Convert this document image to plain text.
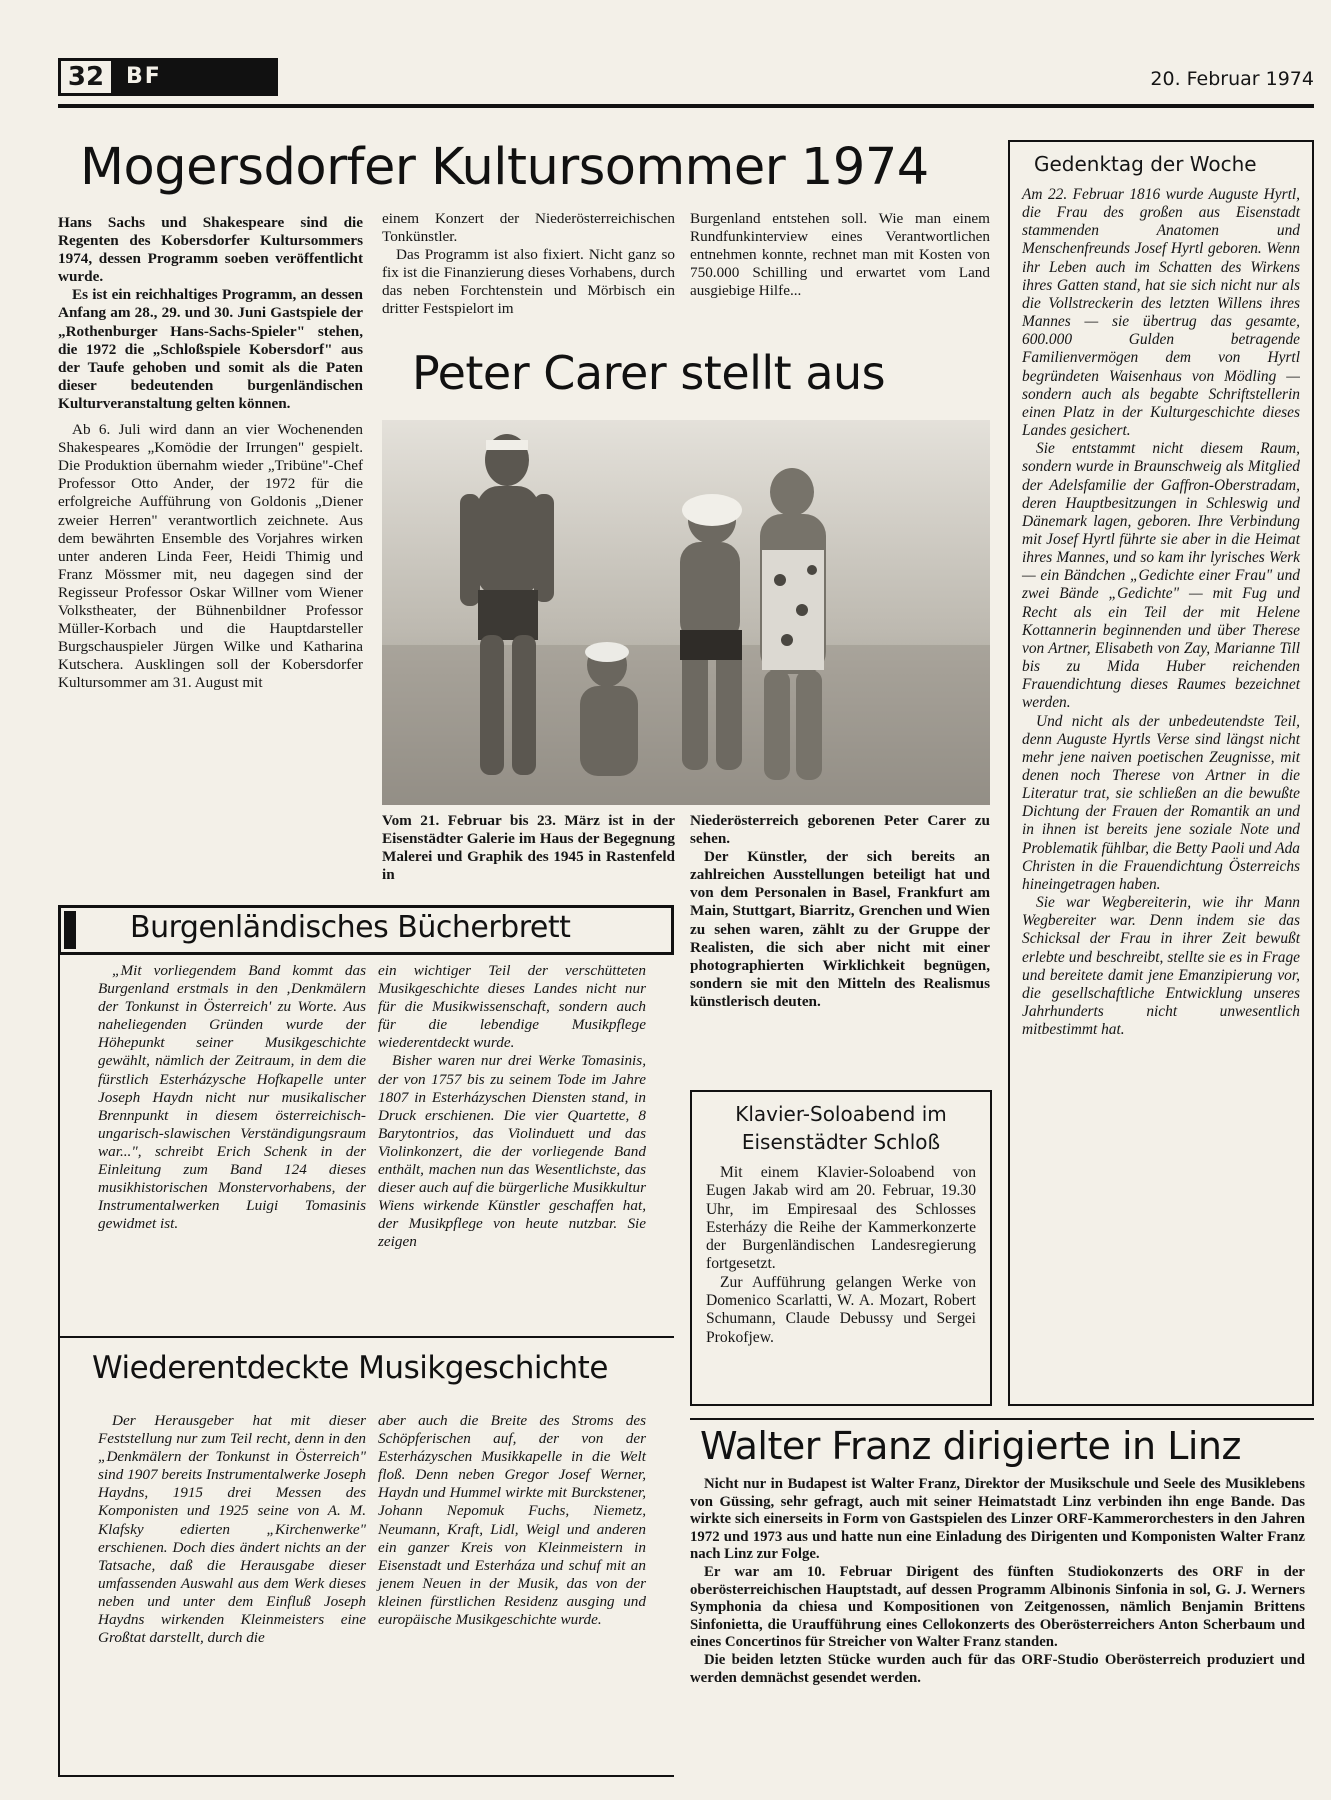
32 BF	20. Februar 1974
Mogersdorfer Kultursommer 1974

Hans Sachs und Shakespeare sind die Regenten des Kobersdorfer Kultursommers 1974, dessen Programm soeben veröffentlicht wurde.

Es ist ein reichhaltiges Programm, an dessen Anfang am 28., 29. und 30. Juni Gastspiele der „Rothenburger Hans-Sachs-Spieler" stehen, die 1972 die „Schloßspiele Kobersdorf" aus der Taufe gehoben und somit als die Paten dieser bedeutenden burgenländischen Kulturveranstaltung gelten können.

Ab 6. Juli wird dann an vier Wochenenden Shakespeares „Komödie der Irrungen" gespielt. Die Produktion übernahm wieder „Tribüne"-Chef Professor Otto Ander, der 1972 für die erfolgreiche Aufführung von Goldonis „Diener zweier Herren" verantwortlich zeichnete. Aus dem bewährten Ensemble des Vorjahres wirken unter anderen Linda Feer, Heidi Thimig und Franz Mössmer mit, neu dagegen sind der Regisseur Professor Oskar Willner vom Wiener Volkstheater, der Bühnenbildner Professor Müller-Korbach und die Hauptdarsteller Burgschauspieler Jürgen Wilke und Katharina Kutschera. Ausklingen soll der Kobersdorfer Kultursommer am 31. August mit

einem Konzert der Niederösterreichischen Tonkünstler.

Das Programm ist also fixiert. Nicht ganz so fix ist die Finanzierung dieses Vorhabens, durch das neben Forchtenstein und Mörbisch ein dritter Festspielort im

Burgenland entstehen soll. Wie man einem Rundfunkinterview eines Verantwortlichen entnehmen konnte, rechnet man mit Kosten von 750.000 Schilling und erwartet vom Land ausgiebige Hilfe...

Peter Carer stellt aus

Vom 21. Februar bis 23. März ist in der Eisenstädter Galerie im Haus der Begegnung Malerei und Graphik des 1945 in Rastenfeld in

Niederösterreich geborenen Peter Carer zu sehen.

Der Künstler, der sich bereits an zahlreichen Ausstellungen beteiligt hat und von dem Personalen in Basel, Frankfurt am Main, Stuttgart, Biarritz, Grenchen und Wien zu sehen waren, zählt zu der Gruppe der Realisten, die sich aber nicht mit einer photographierten Wirklichkeit begnügen, sondern sie mit den Mitteln des Realismus künstlerisch deuten.

Gedenktag der Woche

Am 22. Februar 1816 wurde Auguste Hyrtl, die Frau des großen aus Eisenstadt stammenden Anatomen und Menschenfreunds Josef Hyrtl geboren. Wenn ihr Leben auch im Schatten des Wirkens ihres Gatten stand, hat sie sich nicht nur als die Vollstreckerin des letzten Willens ihres Mannes — sie übertrug das gesamte, 600.000 Gulden betragende Familienvermögen dem von Hyrtl begründeten Waisenhaus von Mödling — sondern auch als begabte Schriftstellerin einen Platz in der Kulturgeschichte dieses Landes gesichert.

Sie entstammt nicht diesem Raum, sondern wurde in Braunschweig als Mitglied der Adelsfamilie der Gaffron-Oberstradam, deren Hauptbesitzungen in Schleswig und Dänemark lagen, geboren. Ihre Verbindung mit Josef Hyrtl führte sie aber in die Heimat ihres Mannes, und so kam ihr lyrisches Werk — ein Bändchen „Gedichte einer Frau" und zwei Bände „Gedichte" — mit Fug und Recht als ein Teil der mit Helene Kottannerin beginnenden und über Therese von Artner, Elisabeth von Zay, Marianne Till bis zu Mida Huber reichenden Frauendichtung dieses Raumes bezeichnet werden.

Und nicht als der unbedeutendste Teil, denn Auguste Hyrtls Verse sind längst nicht mehr jene naiven poetischen Zeugnisse, mit denen noch Therese von Artner in die Literatur trat, sie schließen an die bewußte Dichtung der Frauen der Romantik an und in ihnen ist bereits jene soziale Note und Problematik fühlbar, die Betty Paoli und Ada Christen in die Frauendichtung Österreichs hineingetragen haben.

Sie war Wegbereiterin, wie ihr Mann Wegbereiter war. Denn indem sie das Schicksal der Frau in ihrer Zeit bewußt erlebte und beschreibt, stellte sie es in Frage und bereitete damit jene Emanzipierung vor, die gesellschaftliche Entwicklung unseres Jahrhunderts nicht unwesentlich mitbestimmt hat.

Burgenländisches Bücherbrett

„Mit vorliegendem Band kommt das Burgenland erstmals in den ‚Denkmälern der Tonkunst in Österreich' zu Worte. Aus naheliegenden Gründen wurde der Höhepunkt seiner Musikgeschichte gewählt, nämlich der Zeitraum, in dem die fürstlich Esterházysche Hofkapelle unter Joseph Haydn nicht nur musikalischer Brennpunkt in diesem österreichisch-ungarisch-slawischen Verständigungsraum war...", schreibt Erich Schenk in der Einleitung zum Band 124 dieses musikhistorischen Monstervorhabens, der Instrumentalwerken Luigi Tomasinis gewidmet ist.

ein wichtiger Teil der verschütteten Musikgeschichte dieses Landes nicht nur für die Musikwissenschaft, sondern auch für die lebendige Musikpflege wiederentdeckt wurde.

Bisher waren nur drei Werke Tomasinis, der von 1757 bis zu seinem Tode im Jahre 1807 in Esterházyschen Diensten stand, in Druck erschienen. Die vier Quartette, 8 Barytontrios, das Violinduett und das Violinkonzert, die der vorliegende Band enthält, machen nun das Wesentlichste, das dieser auch auf die bürgerliche Musikkultur Wiens wirkende Künstler geschaffen hat, der Musikpflege von heute nutzbar. Sie zeigen

Klavier-Soloabend im
Eisenstädter Schloß

Mit einem Klavier-Soloabend von Eugen Jakab wird am 20. Februar, 19.30 Uhr, im Empiresaal des Schlosses Esterházy die Reihe der Kammerkonzerte der Burgenländischen Landesregierung fortgesetzt.

Zur Aufführung gelangen Werke von Domenico Scarlatti, W. A. Mozart, Robert Schumann, Claude Debussy und Sergei Prokofjew.

Wiederentdeckte Musikgeschichte

Der Herausgeber hat mit dieser Feststellung nur zum Teil recht, denn in den „Denkmälern der Tonkunst in Österreich" sind 1907 bereits Instrumentalwerke Joseph Haydns, 1915 drei Messen des Komponisten und 1925 seine von A. M. Klafsky edierten „Kirchenwerke" erschienen. Doch dies ändert nichts an der Tatsache, daß die Herausgabe dieser umfassenden Auswahl aus dem Werk dieses neben und unter dem Einfluß Joseph Haydns wirkenden Kleinmeisters eine Großtat darstellt, durch die

aber auch die Breite des Stroms des Schöpferischen auf, der von der Esterházyschen Musikkapelle in die Welt floß. Denn neben Gregor Josef Werner, Haydn und Hummel wirkte mit Burckstener, Johann Nepomuk Fuchs, Niemetz, Neumann, Kraft, Lidl, Weigl und anderen ein ganzer Kreis von Kleinmeistern in Eisenstadt und Esterháza und schuf mit an jenem Neuen in der Musik, das von der kleinen fürstlichen Residenz ausging und europäische Musikgeschichte wurde.

Walter Franz dirigierte in Linz

Nicht nur in Budapest ist Walter Franz, Direktor der Musikschule und Seele des Musiklebens von Güssing, sehr gefragt, auch mit seiner Heimatstadt Linz verbinden ihn enge Bande. Das wirkte sich einerseits in Form von Gastspielen des Linzer ORF-Kammerorchesters in den Jahren 1972 und 1973 aus und hatte nun eine Einladung des Dirigenten und Komponisten Walter Franz nach Linz zur Folge.

Er war am 10. Februar Dirigent des fünften Studiokonzerts des ORF in der oberösterreichischen Hauptstadt, auf dessen Programm Albinonis Sinfonia in sol, G. J. Werners Symphonia da chiesa und Kompositionen von Zeitgenossen, nämlich Benjamin Brittens Sinfonietta, die Uraufführung eines Cellokonzerts des Oberösterreichers Anton Scherbaum und eines Concertinos für Streicher von Walter Franz standen.

Die beiden letzten Stücke wurden auch für das ORF-Studio Oberösterreich produziert und werden demnächst gesendet werden.
